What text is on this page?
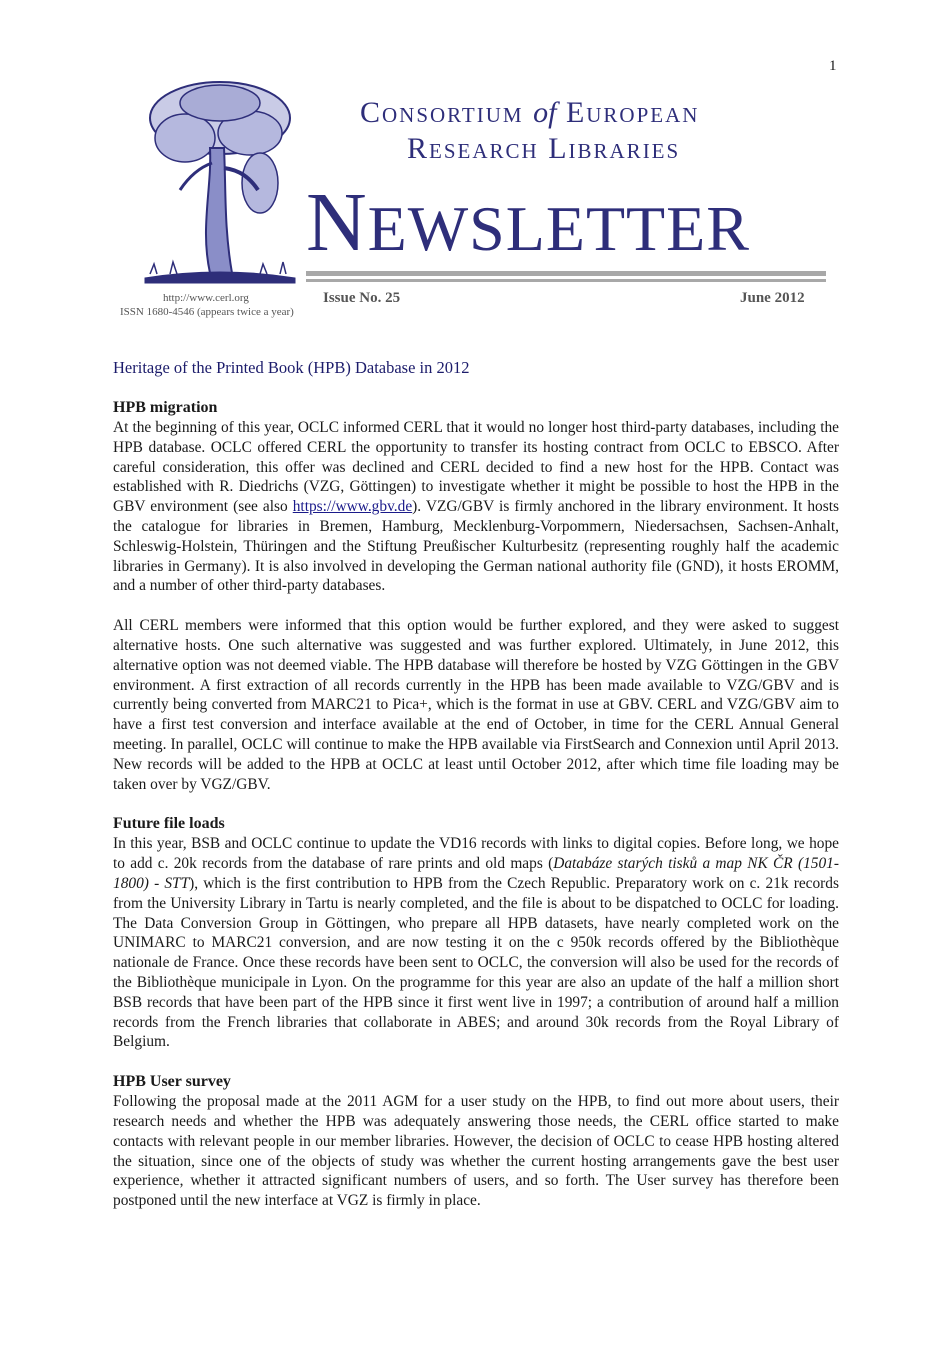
1
Consortium of European
Research Libraries
NEWSLETTER
http://www.cerl.org
ISSN 1680-4546 (appears twice a year)
Issue No. 25	June 2012
Heritage of the Printed Book (HPB) Database in 2012
HPB migration

At the beginning of this year, OCLC informed CERL that it would no longer host third-party databases, including the HPB database. OCLC offered CERL the opportunity to transfer its hosting contract from OCLC to EBSCO. After careful consideration, this offer was declined and CERL decided to find a new host for the HPB. Contact was established with R. Diedrichs (VZG, Göttingen) to investigate whether it might be possible to host the HPB in the GBV environment (see also https://www.gbv.de). VZG/GBV is firmly anchored in the library environment. It hosts the catalogue for libraries in Bremen, Hamburg, Mecklenburg-Vorpommern, Niedersachsen, Sachsen-Anhalt, Schleswig-Holstein, Thüringen and the Stiftung Preußischer Kulturbesitz (representing roughly half the academic libraries in Germany). It is also involved in developing the German national authority file (GND), it hosts EROMM, and a number of other third-party databases.

All CERL members were informed that this option would be further explored, and they were asked to suggest alternative hosts. One such alternative was suggested and was further explored. Ultimately, in June 2012, this alternative option was not deemed viable. The HPB database will therefore be hosted by VZG Göttingen in the GBV environment. A first extraction of all records currently in the HPB has been made available to VZG/GBV and is currently being converted from MARC21 to Pica+, which is the format in use at GBV. CERL and VZG/GBV aim to have a first test conversion and interface available at the end of October, in time for the CERL Annual General meeting. In parallel, OCLC will continue to make the HPB available via FirstSearch and Connexion until April 2013. New records will be added to the HPB at OCLC at least until October 2012, after which time file loading may be taken over by VGZ/GBV.

Future file loads

In this year, BSB and OCLC continue to update the VD16 records with links to digital copies. Before long, we hope to add c. 20k records from the database of rare prints and old maps (Databáze starých tisků a map NK ČR (1501-1800) - STT), which is the first contribution to HPB from the Czech Republic. Preparatory work on c. 21k records from the University Library in Tartu is nearly completed, and the file is about to be dispatched to OCLC for loading. The Data Conversion Group in Göttingen, who prepare all HPB datasets, have nearly completed work on the UNIMARC to MARC21 conversion, and are now testing it on the c 950k records offered by the Bibliothèque nationale de France. Once these records have been sent to OCLC, the conversion will also be used for the records of the Bibliothèque municipale in Lyon. On the programme for this year are also an update of the half a million short BSB records that have been part of the HPB since it first went live in 1997; a contribution of around half a million records from the French libraries that collaborate in ABES; and around 30k records from the Royal Library of Belgium.

HPB User survey

Following the proposal made at the 2011 AGM for a user study on the HPB, to find out more about users, their research needs and whether the HPB was adequately answering those needs, the CERL office started to make contacts with relevant people in our member libraries. However, the decision of OCLC to cease HPB hosting altered the situation, since one of the objects of study was whether the current hosting arrangements gave the best user experience, whether it attracted significant numbers of users, and so forth. The User survey has therefore been postponed until the new interface at VGZ is firmly in place.
